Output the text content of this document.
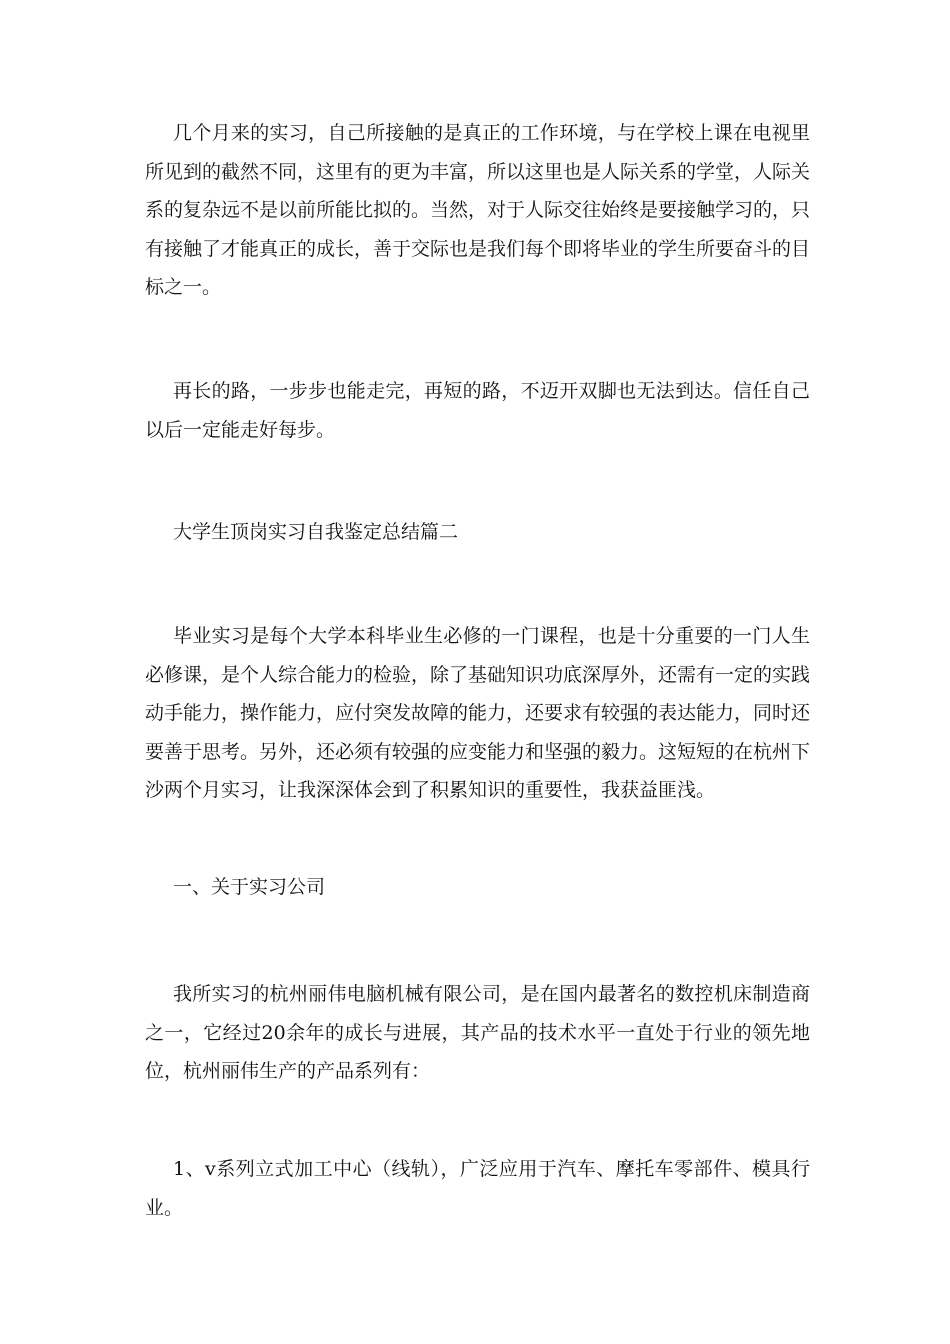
几个月来的实习，自己所接触的是真正的工作环境，与在学校上课在电视里所见到的截然不同，这里有的更为丰富，所以这里也是人际关系的学堂，人际关系的复杂远不是以前所能比拟的。当然，对于人际交往始终是要接触学习的，只有接触了才能真正的成长，善于交际也是我们每个即将毕业的学生所要奋斗的目标之一。

再长的路，一步步也能走完，再短的路，不迈开双脚也无法到达。信任自己以后一定能走好每步。

大学生顶岗实习自我鉴定总结篇二

毕业实习是每个大学本科毕业生必修的一门课程，也是十分重要的一门人生必修课，是个人综合能力的检验，除了基础知识功底深厚外，还需有一定的实践动手能力，操作能力，应付突发故障的能力，还要求有较强的表达能力，同时还要善于思考。另外，还必须有较强的应变能力和坚强的毅力。这短短的在杭州下沙两个月实习，让我深深体会到了积累知识的重要性，我获益匪浅。

一、关于实习公司

我所实习的杭州丽伟电脑机械有限公司，是在国内最著名的数控机床制造商之一，它经过20余年的成长与进展，其产品的技术水平一直处于行业的领先地位，杭州丽伟生产的产品系列有：

1、v系列立式加工中心（线轨），广泛应用于汽车、摩托车零部件、模具行业。
